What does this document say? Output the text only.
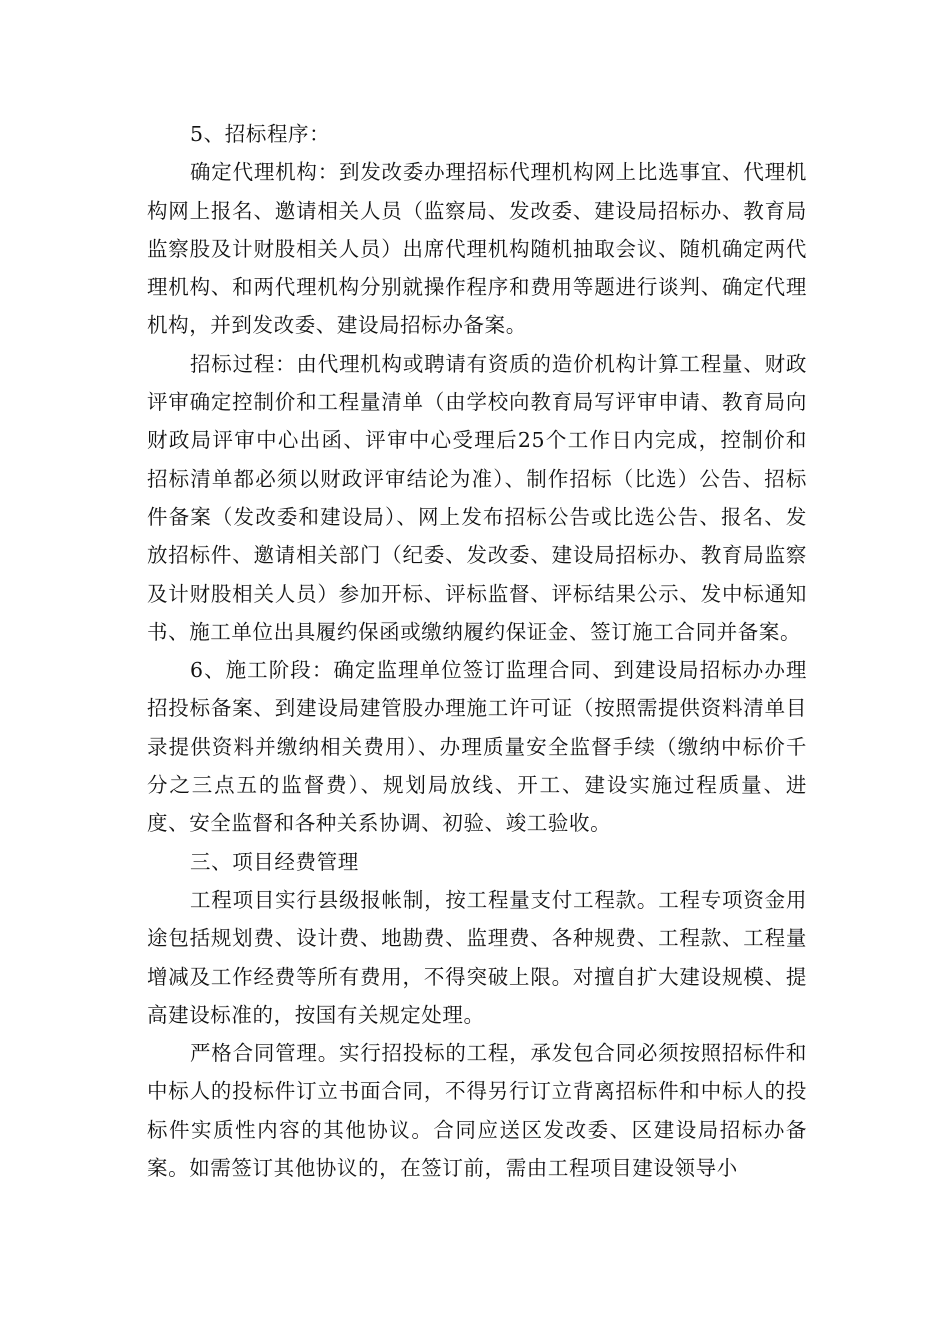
5、招标程序：

确定代理机构：到发改委办理招标代理机构网上比选事宜、代理机构网上报名、邀请相关人员（监察局、发改委、建设局招标办、教育局监察股及计财股相关人员）出席代理机构随机抽取会议、随机确定两代理机构、和两代理机构分别就操作程序和费用等题进行谈判、确定代理机构，并到发改委、建设局招标办备案。

招标过程：由代理机构或聘请有资质的造价机构计算工程量、财政评审确定控制价和工程量清单（由学校向教育局写评审申请、教育局向财政局评审中心出函、评审中心受理后25个工作日内完成，控制价和招标清单都必须以财政评审结论为准）、制作招标（比选）公告、招标件备案（发改委和建设局）、网上发布招标公告或比选公告、报名、发放招标件、邀请相关部门（纪委、发改委、建设局招标办、教育局监察及计财股相关人员）参加开标、评标监督、评标结果公示、发中标通知书、施工单位出具履约保函或缴纳履约保证金、签订施工合同并备案。

6、施工阶段：确定监理单位签订监理合同、到建设局招标办办理招投标备案、到建设局建管股办理施工许可证（按照需提供资料清单目录提供资料并缴纳相关费用）、办理质量安全监督手续（缴纳中标价千分之三点五的监督费）、规划局放线、开工、建设实施过程质量、进度、安全监督和各种关系协调、初验、竣工验收。

三、项目经费管理

工程项目实行县级报帐制，按工程量支付工程款。工程专项资金用途包括规划费、设计费、地勘费、监理费、各种规费、工程款、工程量增减及工作经费等所有费用，不得突破上限。对擅自扩大建设规模、提高建设标准的，按国有关规定处理。

严格合同管理。实行招投标的工程，承发包合同必须按照招标件和中标人的投标件订立书面合同，不得另行订立背离招标件和中标人的投标件实质性内容的其他协议。合同应送区发改委、区建设局招标办备案。如需签订其他协议的，在签订前，需由工程项目建设领导小
